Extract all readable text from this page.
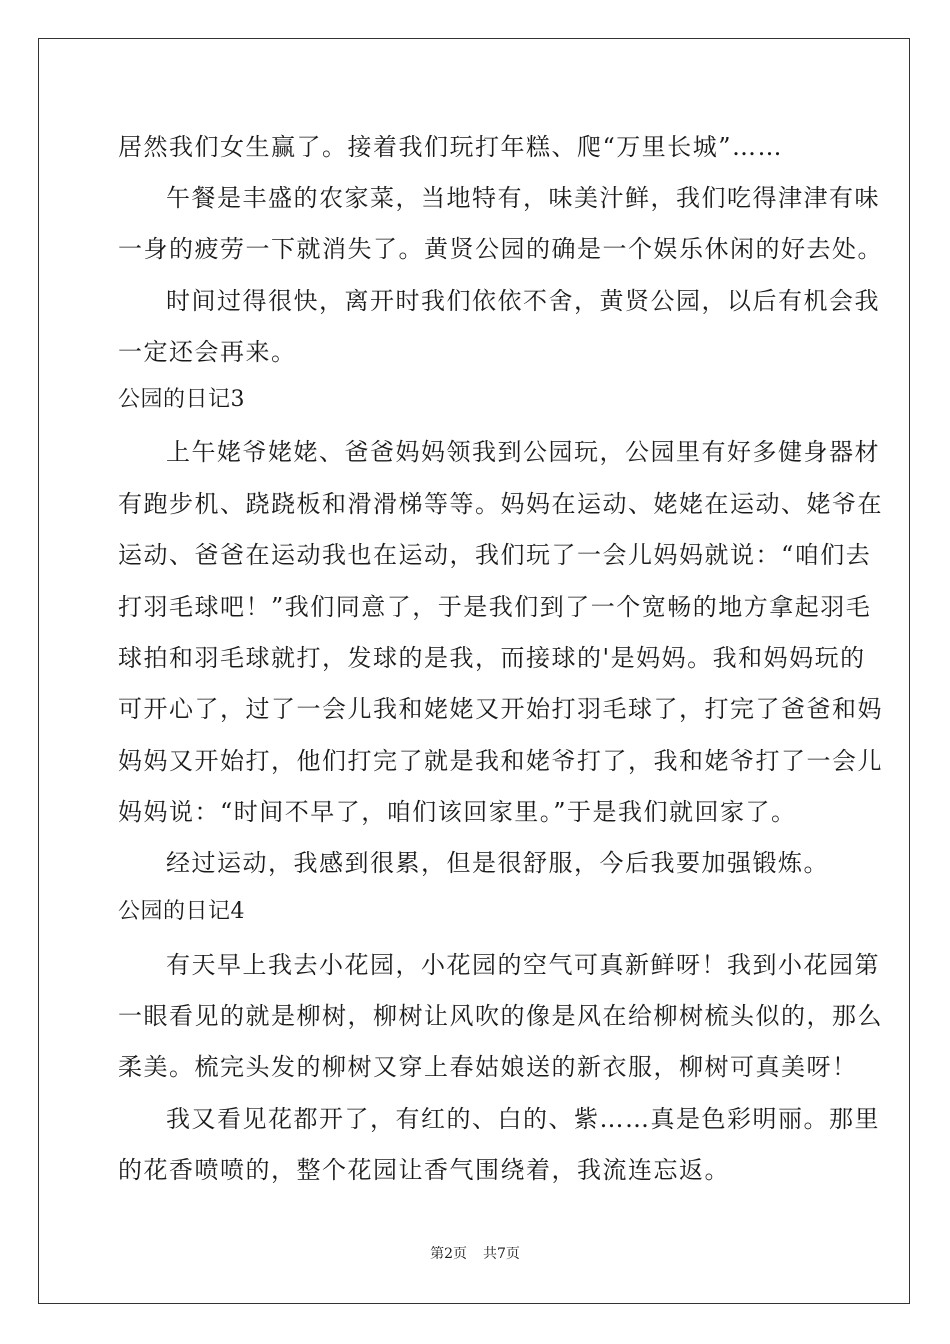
居然我们女生赢了。接着我们玩打年糕、爬“万里长城”……
午餐是丰盛的农家菜，当地特有，味美汁鲜，我们吃得津津有味
一身的疲劳一下就消失了。黄贤公园的确是一个娱乐休闲的好去处。
时间过得很快，离开时我们依依不舍，黄贤公园，以后有机会我
一定还会再来。
公园的日记3
上午姥爷姥姥、爸爸妈妈领我到公园玩，公园里有好多健身器材
有跑步机、跷跷板和滑滑梯等等。妈妈在运动、姥姥在运动、姥爷在
运动、爸爸在运动我也在运动，我们玩了一会儿妈妈就说：“咱们去
打羽毛球吧！”我们同意了，于是我们到了一个宽畅的地方拿起羽毛
球拍和羽毛球就打，发球的是我，而接球的'是妈妈。我和妈妈玩的
可开心了，过了一会儿我和姥姥又开始打羽毛球了，打完了爸爸和妈
妈妈又开始打，他们打完了就是我和姥爷打了，我和姥爷打了一会儿
妈妈说：“时间不早了，咱们该回家里。”于是我们就回家了。
经过运动，我感到很累，但是很舒服，今后我要加强锻炼。
公园的日记4
有天早上我去小花园，小花园的空气可真新鲜呀！我到小花园第
一眼看见的就是柳树，柳树让风吹的像是风在给柳树梳头似的，那么
柔美。梳完头发的柳树又穿上春姑娘送的新衣服，柳树可真美呀！
我又看见花都开了，有红的、白的、紫……真是色彩明丽。那里
的花香喷喷的，整个花园让香气围绕着，我流连忘返。
第2页 共7页
